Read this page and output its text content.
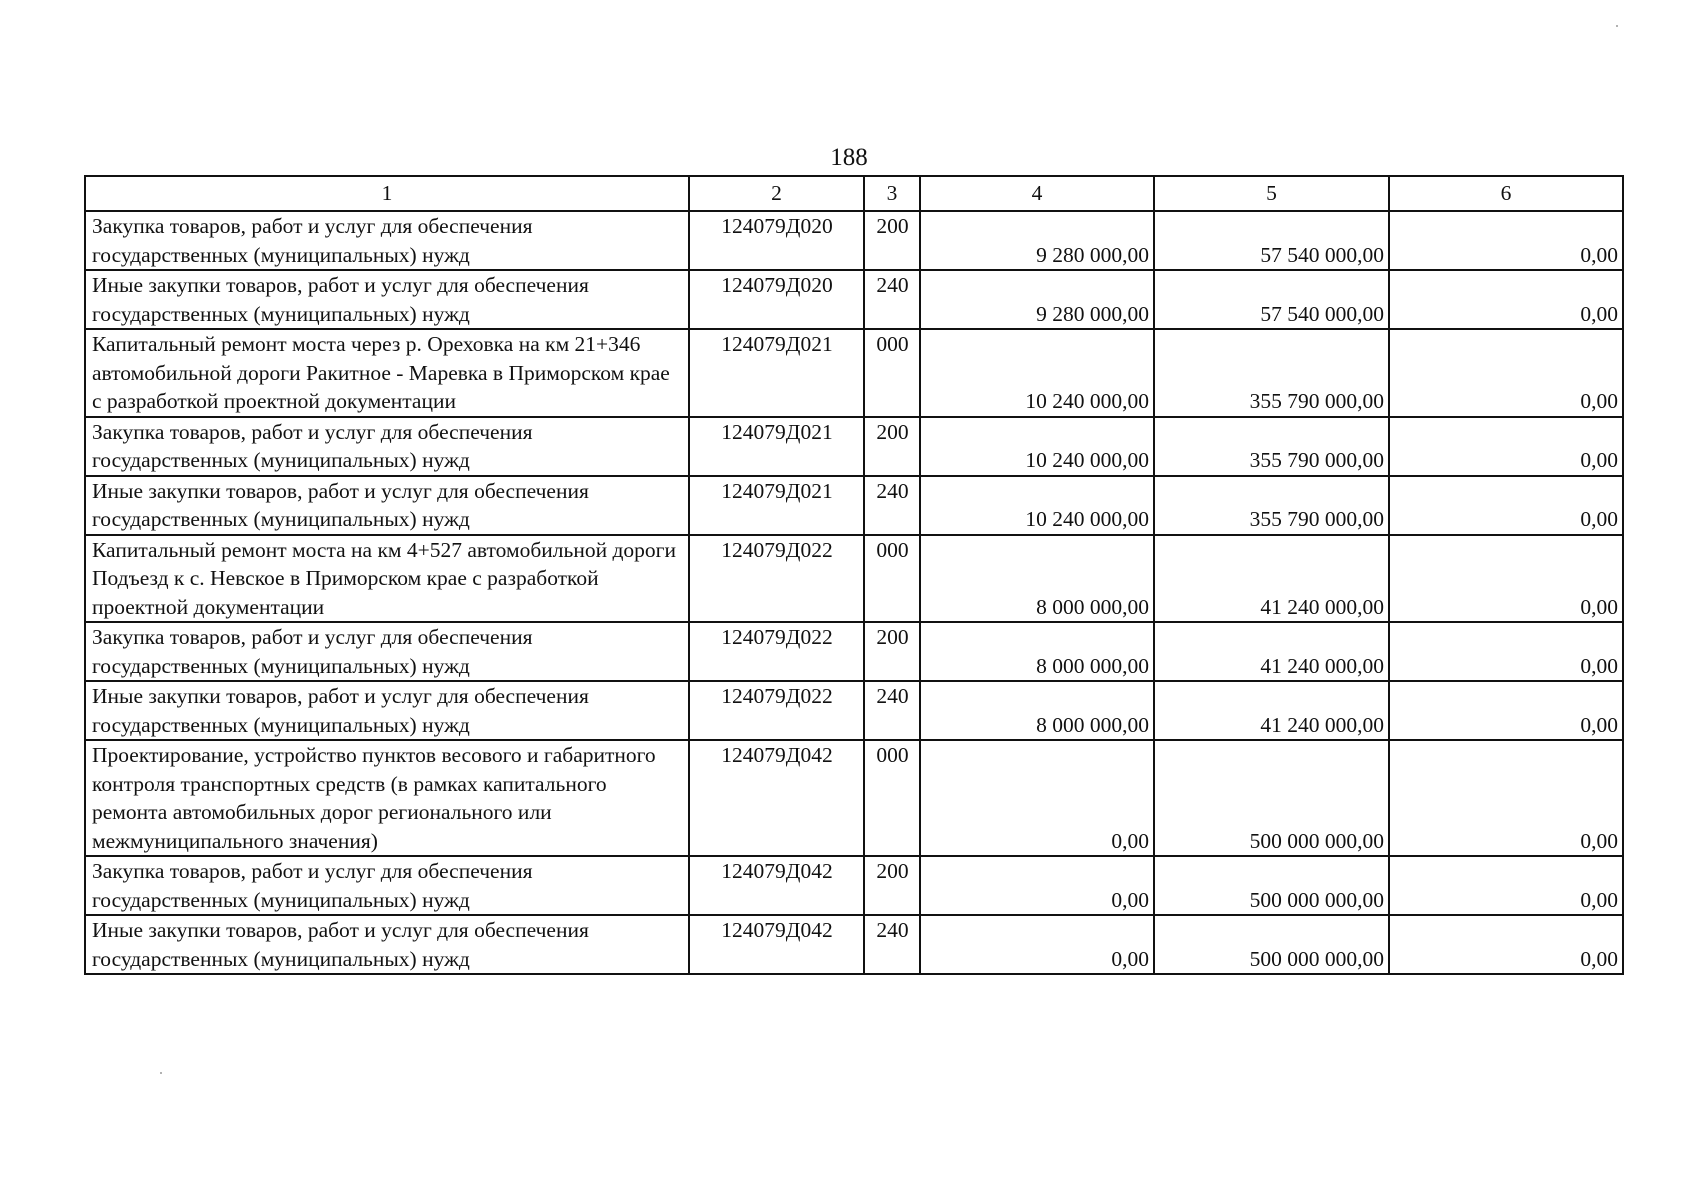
188
1	2	3	4	5	6
Закупка товаров, работ и услуг для обеспечения государственных (муниципальных) нужд	124079Д020	200	9 280 000,00	57 540 000,00	0,00
Иные закупки товаров, работ и услуг для обеспечения государственных (муниципальных) нужд	124079Д020	240	9 280 000,00	57 540 000,00	0,00
Капитальный ремонт моста через р. Ореховка на км 21+346 автомобильной дороги Ракитное - Маревка в Приморском крае с разработкой проектной документации	124079Д021	000	10 240 000,00	355 790 000,00	0,00
Закупка товаров, работ и услуг для обеспечения государственных (муниципальных) нужд	124079Д021	200	10 240 000,00	355 790 000,00	0,00
Иные закупки товаров, работ и услуг для обеспечения государственных (муниципальных) нужд	124079Д021	240	10 240 000,00	355 790 000,00	0,00
Капитальный ремонт моста на км 4+527 автомобильной дороги Подъезд к с. Невское в Приморском крае с разработкой проектной документации	124079Д022	000	8 000 000,00	41 240 000,00	0,00
Закупка товаров, работ и услуг для обеспечения государственных (муниципальных) нужд	124079Д022	200	8 000 000,00	41 240 000,00	0,00
Иные закупки товаров, работ и услуг для обеспечения государственных (муниципальных) нужд	124079Д022	240	8 000 000,00	41 240 000,00	0,00
Проектирование, устройство пунктов весового и габаритного контроля транспортных средств (в рамках капитального ремонта автомобильных дорог регионального или межмуниципального значения)	124079Д042	000	0,00	500 000 000,00	0,00
Закупка товаров, работ и услуг для обеспечения государственных (муниципальных) нужд	124079Д042	200	0,00	500 000 000,00	0,00
Иные закупки товаров, работ и услуг для обеспечения государственных (муниципальных) нужд	124079Д042	240	0,00	500 000 000,00	0,00
